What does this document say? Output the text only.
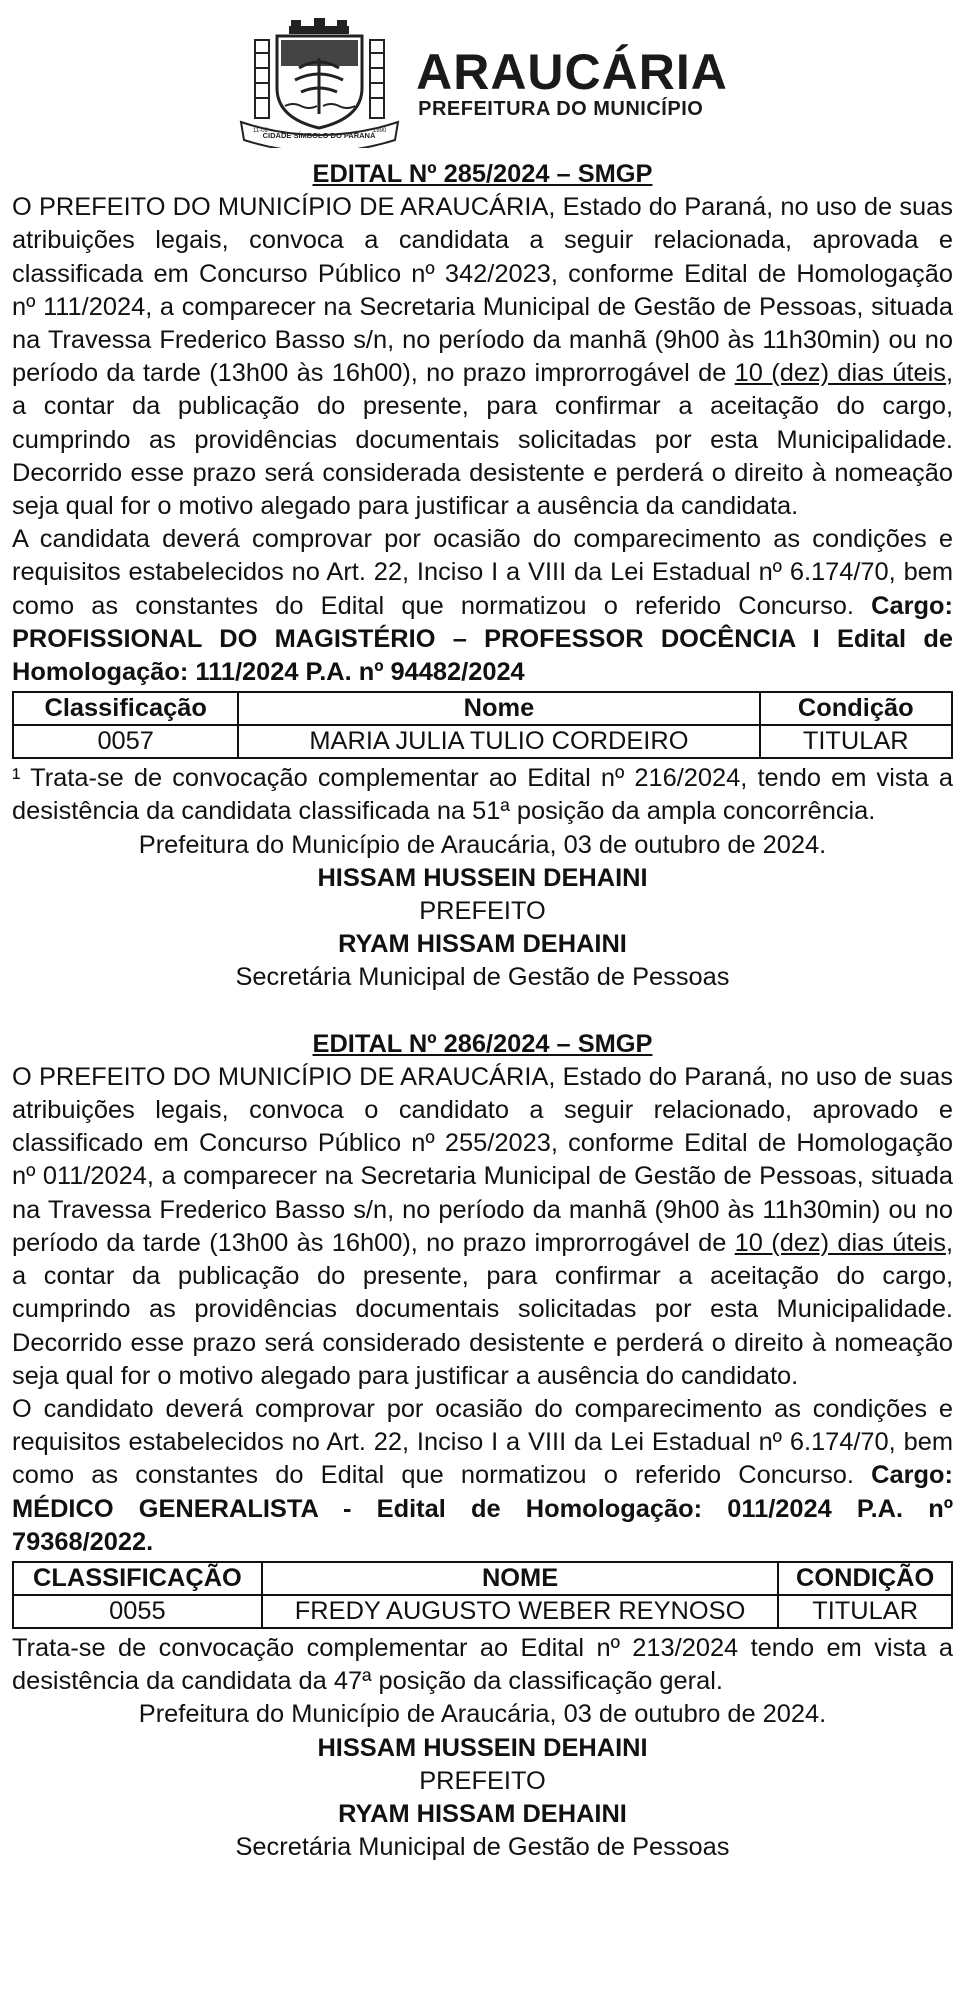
CIDADE SÍMBOLO DO PARANÁ
11-02	1890
ARAUCÁRIA
PREFEITURA DO MUNICÍPIO

EDITAL Nº 285/2024 – SMGP

O PREFEITO DO MUNICÍPIO DE ARAUCÁRIA, Estado do Paraná, no uso de suas atribuições legais, convoca a candidata a seguir relacionada, aprovada e classificada em Concurso Público nº 342/2023, conforme Edital de Homologação nº 111/2024, a comparecer na Secretaria Municipal de Gestão de Pessoas, situada na Travessa Frederico Basso s/n, no período da manhã (9h00 às 11h30min) ou no período da tarde (13h00 às 16h00), no prazo improrrogável de 10 (dez) dias úteis, a contar da publicação do presente, para confirmar a aceitação do cargo, cumprindo as providências documentais solicitadas por esta Municipalidade. Decorrido esse prazo será considerada desistente e perderá o direito à nomeação seja qual for o motivo alegado para justificar a ausência da candidata.

A candidata deverá comprovar por ocasião do comparecimento as condições e requisitos estabelecidos no Art. 22, Inciso I a VIII da Lei Estadual nº 6.174/70, bem como as constantes do Edital que normatizou o referido Concurso. Cargo: PROFISSIONAL DO MAGISTÉRIO – PROFESSOR DOCÊNCIA I Edital de Homologação: 111/2024 P.A. nº 94482/2024

Classificação	Nome	Condição
0057	MARIA JULIA TULIO CORDEIRO	TITULAR

¹ Trata-se de convocação complementar ao Edital nº 216/2024, tendo em vista a desistência da candidata classificada na 51ª posição da ampla concorrência.

Prefeitura do Município de Araucária, 03 de outubro de 2024.

HISSAM HUSSEIN DEHAINI

PREFEITO

RYAM HISSAM DEHAINI

Secretária Municipal de Gestão de Pessoas

EDITAL Nº 286/2024 – SMGP

O PREFEITO DO MUNICÍPIO DE ARAUCÁRIA, Estado do Paraná, no uso de suas atribuições legais, convoca o candidato a seguir relacionado, aprovado e classificado em Concurso Público nº 255/2023, conforme Edital de Homologação nº 011/2024, a comparecer na Secretaria Municipal de Gestão de Pessoas, situada na Travessa Frederico Basso s/n, no período da manhã (9h00 às 11h30min) ou no período da tarde (13h00 às 16h00), no prazo improrrogável de 10 (dez) dias úteis, a contar da publicação do presente, para confirmar a aceitação do cargo, cumprindo as providências documentais solicitadas por esta Municipalidade. Decorrido esse prazo será considerado desistente e perderá o direito à nomeação seja qual for o motivo alegado para justificar a ausência do candidato.

O candidato deverá comprovar por ocasião do comparecimento as condições e requisitos estabelecidos no Art. 22, Inciso I a VIII da Lei Estadual nº 6.174/70, bem como as constantes do Edital que normatizou o referido Concurso. Cargo: MÉDICO GENERALISTA - Edital de Homologação: 011/2024 P.A. nº 79368/2022.

CLASSIFICAÇÃO	NOME	CONDIÇÃO
0055	FREDY AUGUSTO WEBER REYNOSO	TITULAR

Trata-se de convocação complementar ao Edital nº 213/2024 tendo em vista a desistência da candidata da 47ª posição da classificação geral.

Prefeitura do Município de Araucária, 03 de outubro de 2024.

HISSAM HUSSEIN DEHAINI

PREFEITO

RYAM HISSAM DEHAINI

Secretária Municipal de Gestão de Pessoas
